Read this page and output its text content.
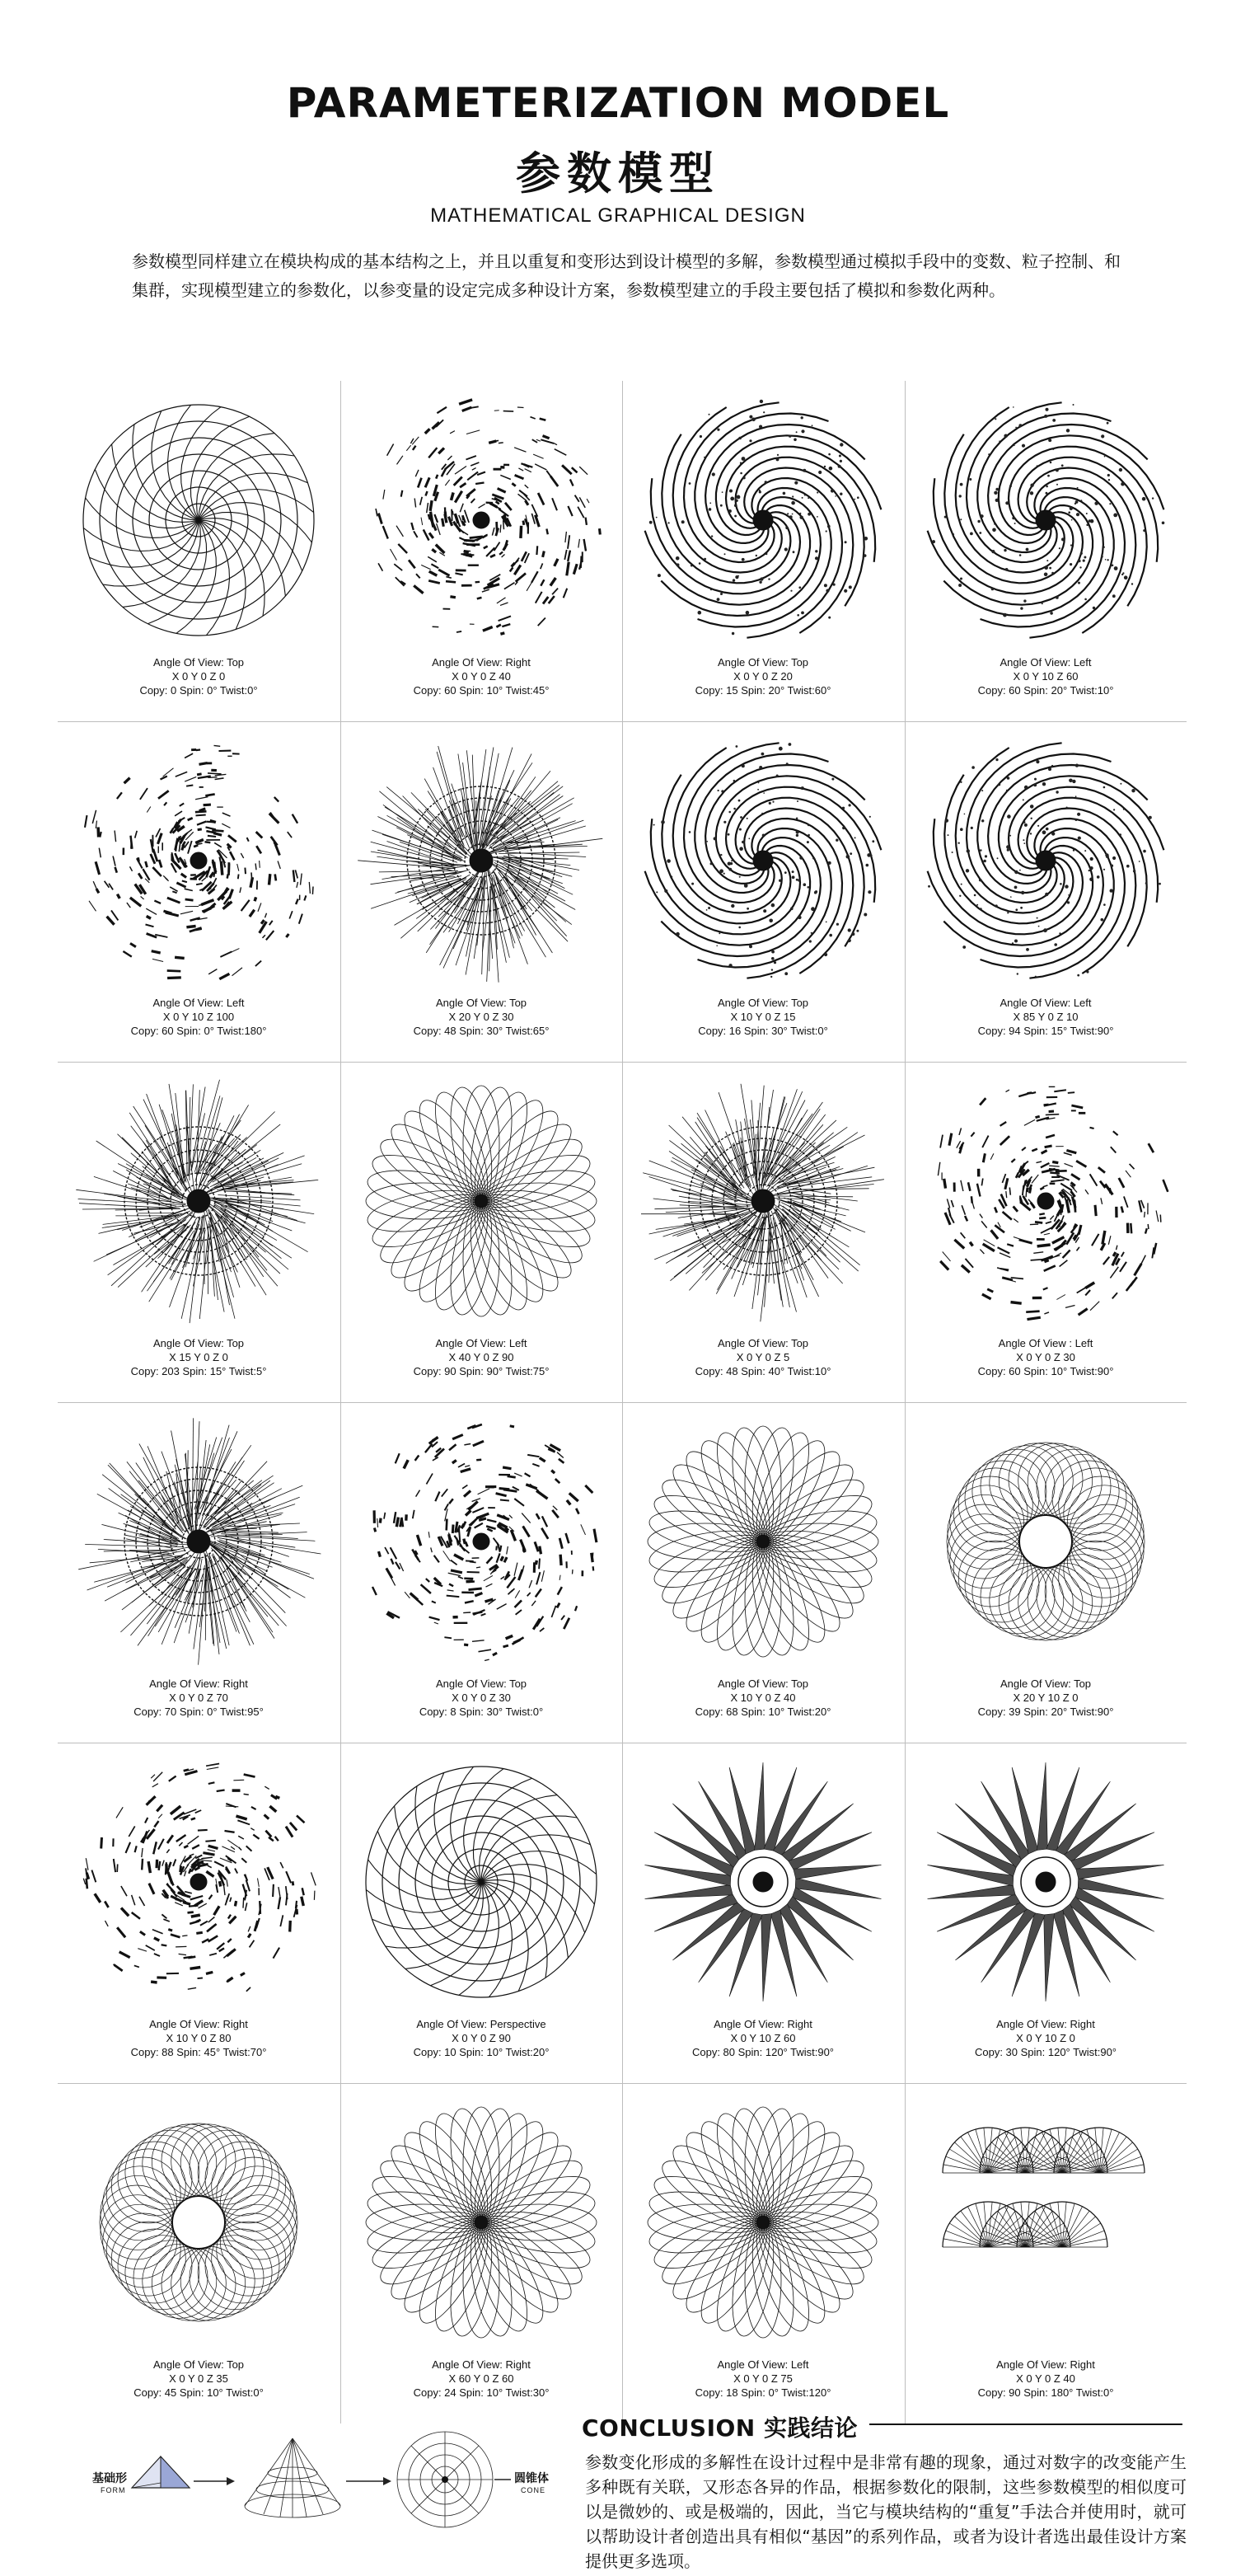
PARAMETERIZATION MODEL
参数模型
MATHEMATICAL GRAPHICAL DESIGN
参数模型同样建立在模块构成的基本结构之上，并且以重复和变形达到设计模型的多解，参数模型通过模拟手段中的变数、粒子控制、和集群，实现模型建立的参数化，以参变量的设定完成多种设计方案，参数模型建立的手段主要包括了模拟和参数化两种。
Angle Of View: Top
X 0 Y 0 Z 0
Copy: 0 Spin: 0° Twist:0°
Angle Of View: Right
X 0 Y 0 Z 40
Copy: 60 Spin: 10° Twist:45°
Angle Of View: Top
X 0 Y 0 Z 20
Copy: 15 Spin: 20° Twist:60°
Angle Of View: Left
X 0 Y 10 Z 60
Copy: 60 Spin: 20° Twist:10°
Angle Of View: Left
X 0 Y 10 Z 100
Copy: 60 Spin: 0° Twist:180°
Angle Of View: Top
X 20 Y 0 Z 30
Copy: 48 Spin: 30° Twist:65°
Angle Of View: Top
X 10 Y 0 Z 15
Copy: 16 Spin: 30° Twist:0°
Angle Of View: Left
X 85 Y 0 Z 10
Copy: 94 Spin: 15° Twist:90°
Angle Of View: Top
X 15 Y 0 Z 0
Copy: 203 Spin: 15° Twist:5°
Angle Of View: Left
X 40 Y 0 Z 90
Copy: 90 Spin: 90° Twist:75°
Angle Of View: Top
X 0 Y 0 Z 5
Copy: 48 Spin: 40° Twist:10°
Angle Of View : Left
X 0 Y 0 Z 30
Copy: 60 Spin: 10° Twist:90°
Angle Of View: Right
X 0 Y 0 Z 70
Copy: 70 Spin: 0° Twist:95°
Angle Of View: Top
X 0 Y 0 Z 30
Copy: 8 Spin: 30° Twist:0°
Angle Of View: Top
X 10 Y 0 Z 40
Copy: 68 Spin: 10° Twist:20°
Angle Of View: Top
X 20 Y 10 Z 0
Copy: 39 Spin: 20° Twist:90°
Angle Of View: Right
X 10 Y 0 Z 80
Copy: 88 Spin: 45° Twist:70°
Angle Of View: Perspective
X 0 Y 0 Z 90
Copy: 10 Spin: 10° Twist:20°
Angle Of View: Right
X 0 Y 10 Z 60
Copy: 80 Spin: 120° Twist:90°
Angle Of View: Right
X 0 Y 10 Z 0
Copy: 30 Spin: 120° Twist:90°
Angle Of View: Top
X 0 Y 0 Z 35
Copy: 45 Spin: 10° Twist:0°
Angle Of View: Right
X 60 Y 0 Z 60
Copy: 24 Spin: 10° Twist:30°
Angle Of View: Left
X 0 Y 0 Z 75
Copy: 18 Spin: 0° Twist:120°
Angle Of View: Right
X 0 Y 0 Z 40
Copy: 90 Spin: 180° Twist:0°
基础形
FORM
圆锥体
CONE
CONCLUSION 实践结论
参数变化形成的多解性在设计过程中是非常有趣的现象，通过对数字的改变能产生多种既有关联，又形态各异的作品，根据参数化的限制，这些参数模型的相似度可以是微妙的、或是极端的，因此，当它与模块结构的“重复”手法合并使用时，就可以帮助设计者创造出具有相似“基因”的系列作品，或者为设计者选出最佳设计方案提供更多选项。
